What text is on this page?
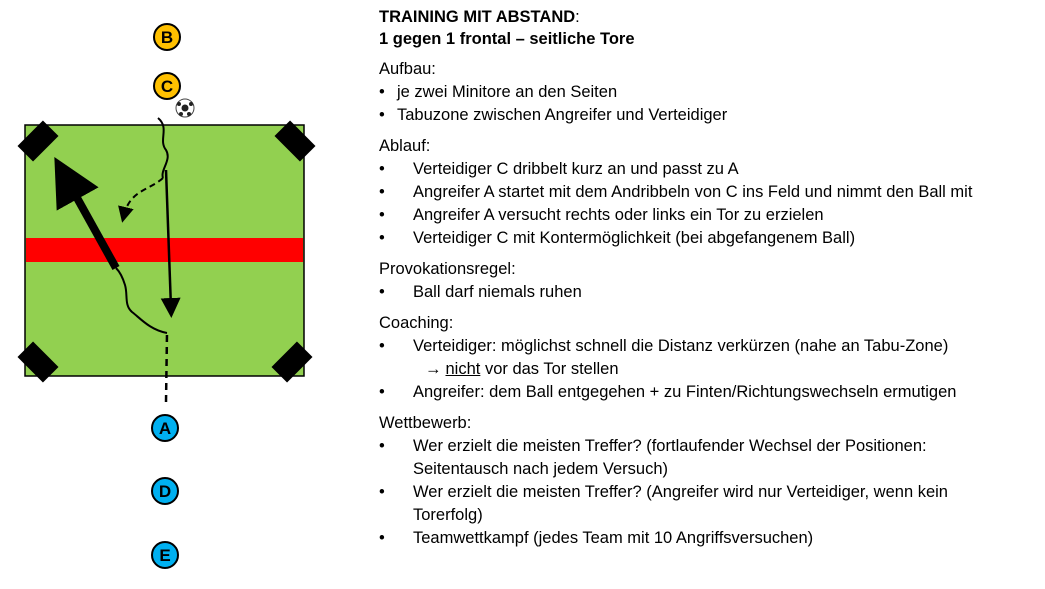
B
C
A
D
E
TRAINING MIT ABSTAND:
1 gegen 1 frontal – seitliche Tore
Aufbau:
• je zwei Minitore an den Seiten
• Tabuzone zwischen Angreifer und Verteidiger
Ablauf:
• Verteidiger C dribbelt kurz an und passt zu A
• Angreifer A startet mit dem Andribbeln von C ins Feld und nimmt den Ball mit
• Angreifer A versucht rechts oder links ein Tor zu erzielen
• Verteidiger C mit Kontermöglichkeit (bei abgefangenem Ball)
Provokationsregel:
• Ball darf niemals ruhen
Coaching:
• Verteidiger: möglichst schnell die Distanz verkürzen (nahe an Tabu-Zone)
→ nicht vor das Tor stellen
• Angreifer: dem Ball entgegehen + zu Finten/Richtungswechseln ermutigen
Wettbewerb:
• Wer erzielt die meisten Treffer? (fortlaufender Wechsel der Positionen:
Seitentausch nach jedem Versuch)
• Wer erzielt die meisten Treffer? (Angreifer wird nur Verteidiger, wenn kein
Torerfolg)
• Teamwettkampf (jedes Team mit 10 Angriffsversuchen)
